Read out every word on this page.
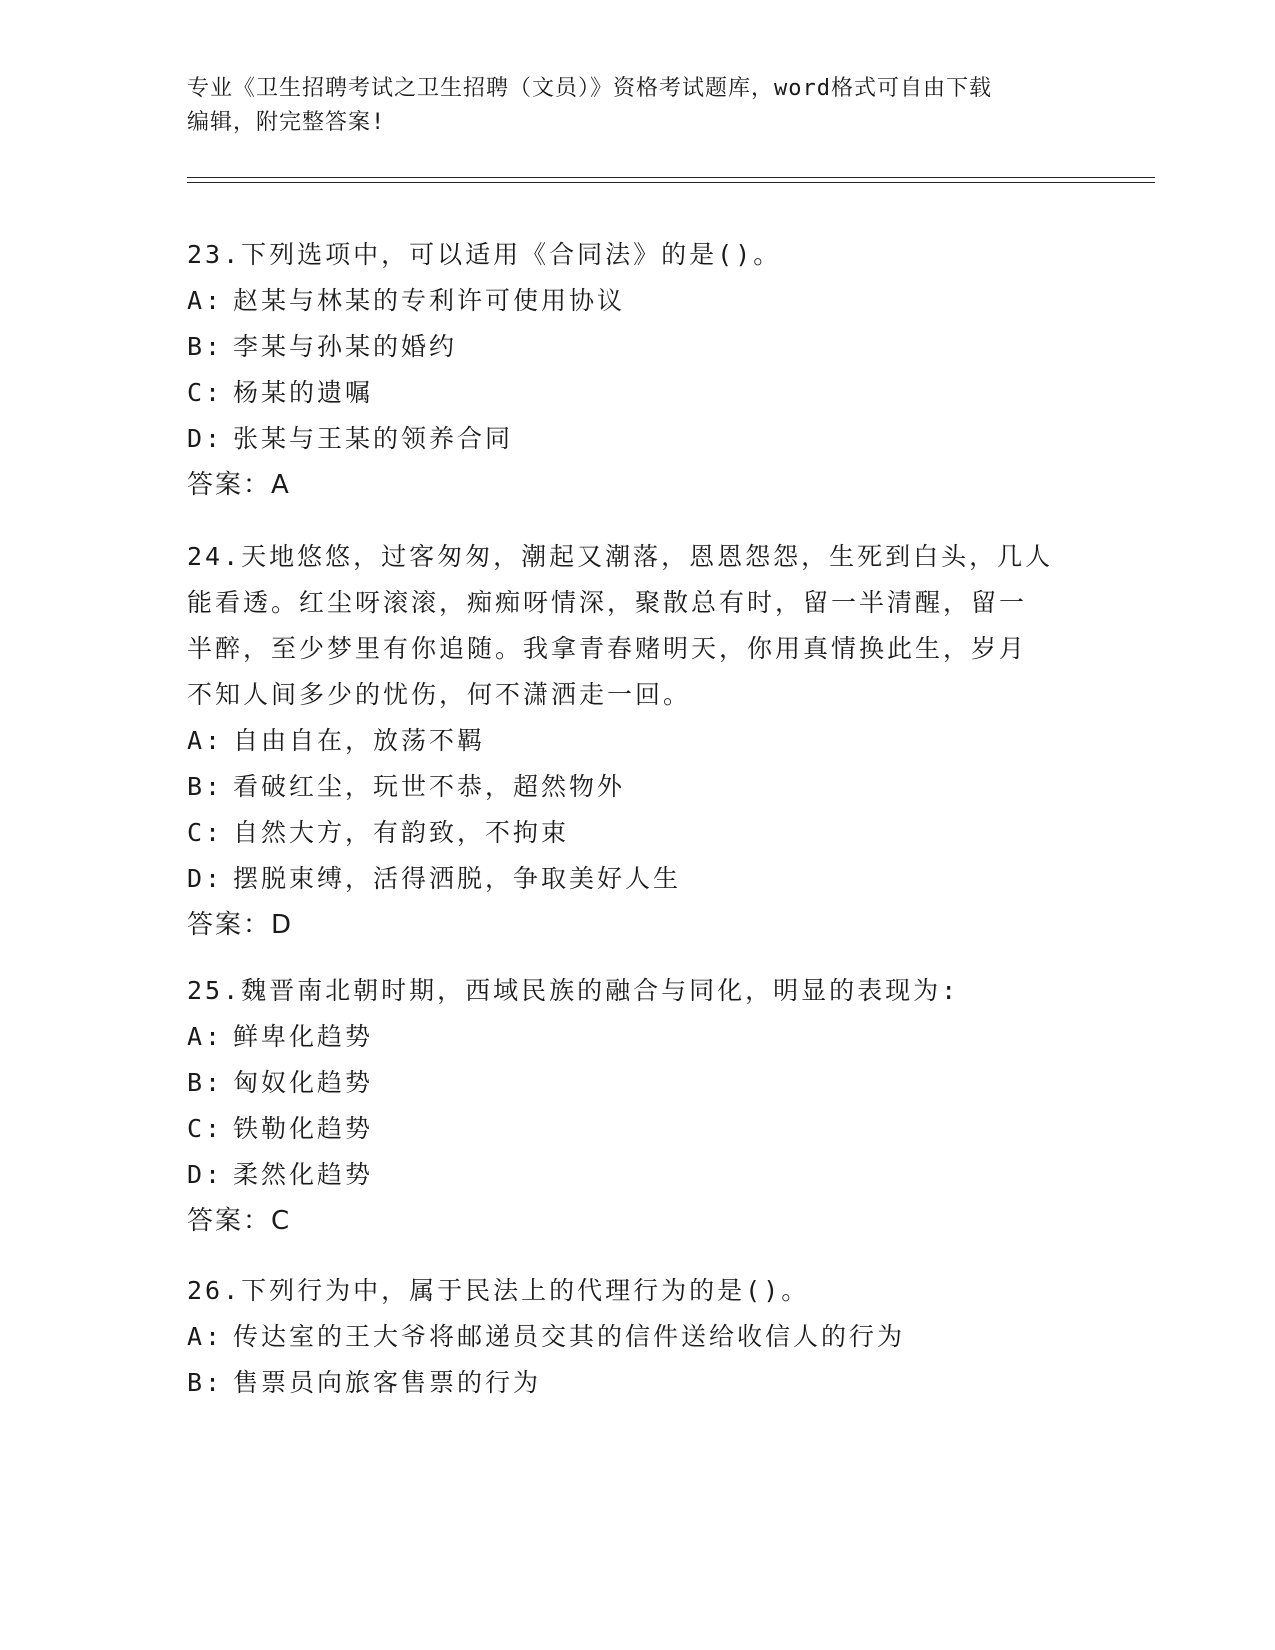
专业《卫生招聘考试之卫生招聘（文员）》资格考试题库，word格式可自由下载
编辑，附完整答案!
23.下列选项中，可以适用《合同法》的是()。
A: 赵某与林某的专利许可使用协议
B: 李某与孙某的婚约
C: 杨某的遗嘱
D: 张某与王某的领养合同
答案：A
24.天地悠悠，过客匆匆，潮起又潮落，恩恩怨怨，生死到白头，几人
能看透。红尘呀滚滚，痴痴呀情深，聚散总有时，留一半清醒，留一
半醉，至少梦里有你追随。我拿青春赌明天，你用真情换此生，岁月
不知人间多少的忧伤，何不潇洒走一回。
A: 自由自在，放荡不羁
B: 看破红尘，玩世不恭，超然物外
C: 自然大方，有韵致，不拘束
D: 摆脱束缚，活得洒脱，争取美好人生
答案：D
25.魏晋南北朝时期，西域民族的融合与同化，明显的表现为:
A: 鲜卑化趋势
B: 匈奴化趋势
C: 铁勒化趋势
D: 柔然化趋势
答案：C
26.下列行为中，属于民法上的代理行为的是()。
A: 传达室的王大爷将邮递员交其的信件送给收信人的行为
B: 售票员向旅客售票的行为
